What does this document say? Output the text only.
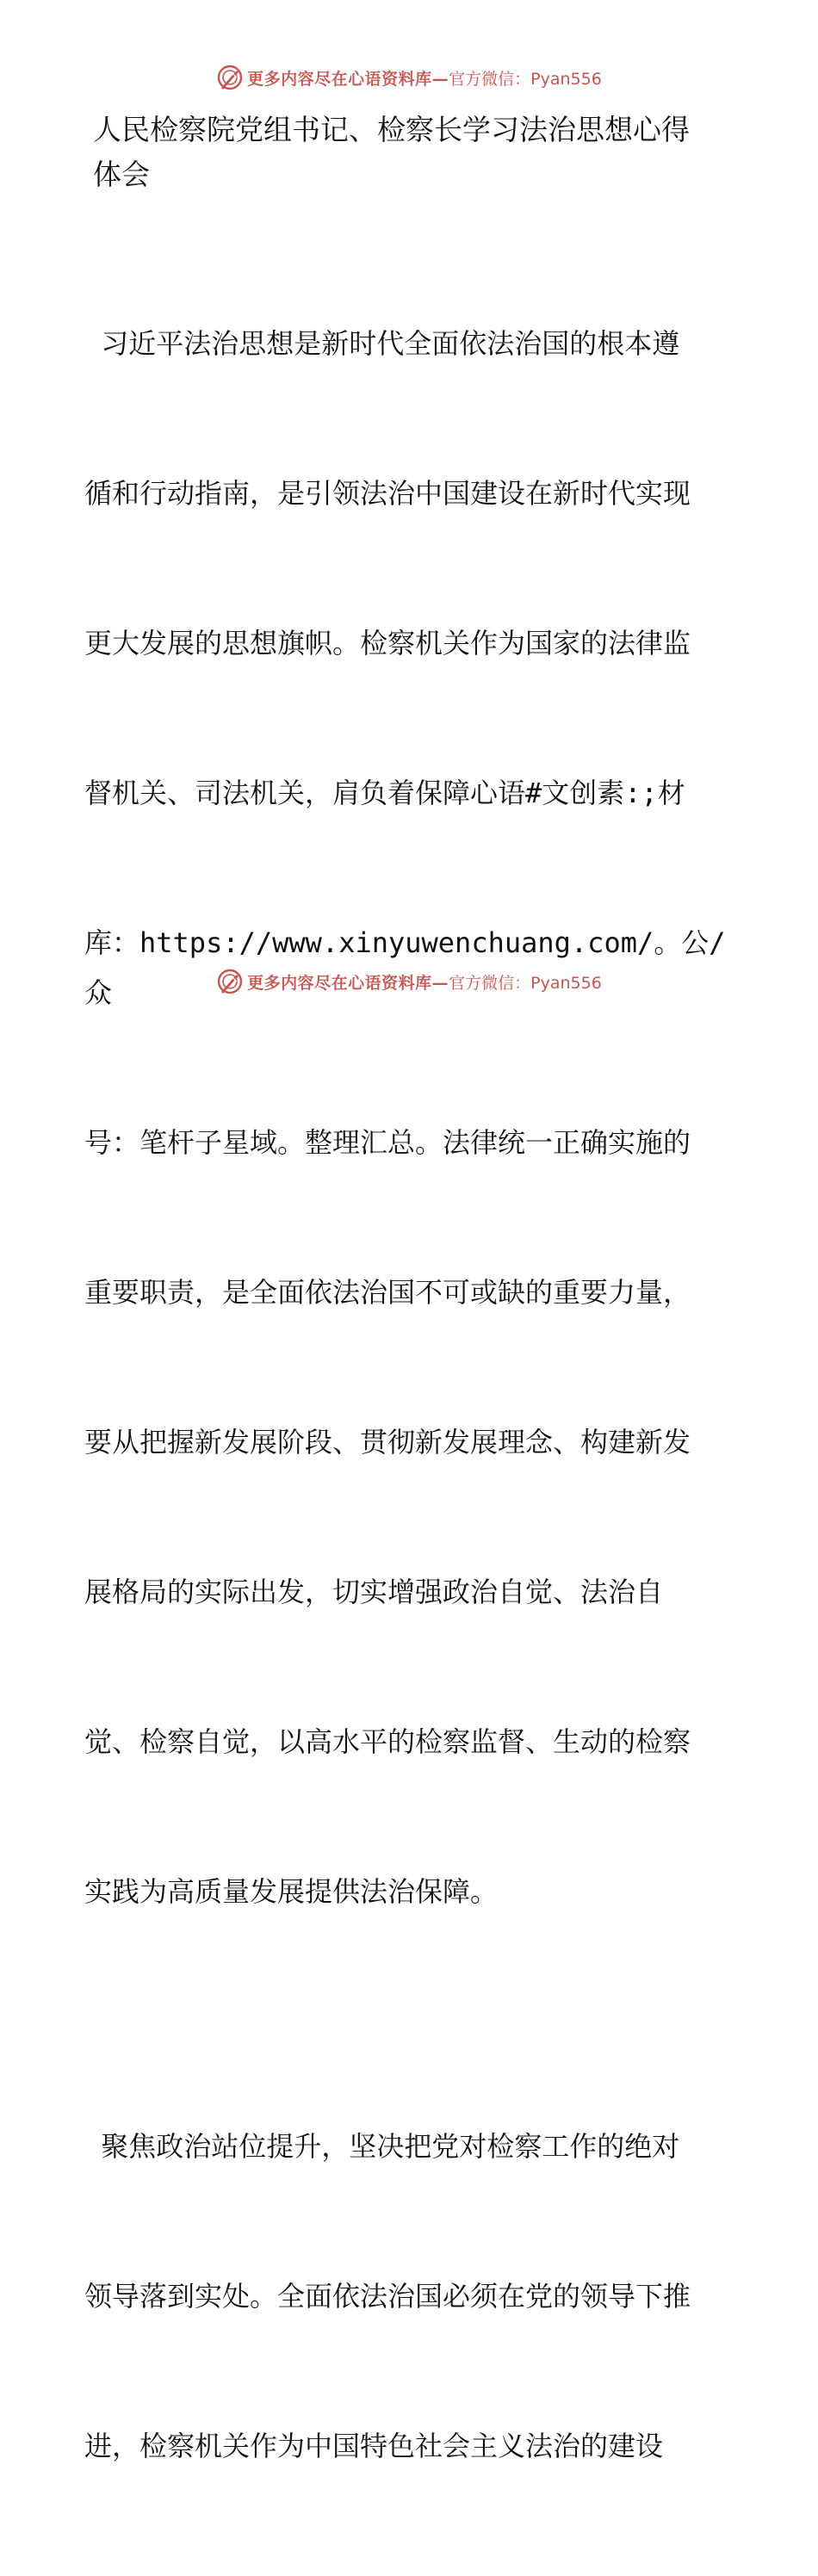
更多内容尽在心语资料库— 官方微信：Pyan556
人民检察院党组书记、检察长学习法治思想心得
体会

习近平法治思想是新时代全面依法治国的根本遵

循和行动指南，是引领法治中国建设在新时代实现

更大发展的思想旗帜。检察机关作为国家的法律监

督机关、司法机关，肩负着保障心语#文创素:;材

库：https://www.xinyuwenchuang.com/。公/众

号：笔杆子星域。整理汇总。法律统一正确实施的

重要职责，是全面依法治国不可或缺的重要力量，

要从把握新发展阶段、贯彻新发展理念、构建新发

展格局的实际出发，切实增强政治自觉、法治自

觉、检察自觉，以高水平的检察监督、生动的检察

实践为高质量发展提供法治保障。

聚焦政治站位提升，坚决把党对检察工作的绝对

领导落到实处。全面依法治国必须在党的领导下推

进，检察机关作为中国特色社会主义法治的建设

更多内容尽在心语资料库— 官方微信：Pyan556
